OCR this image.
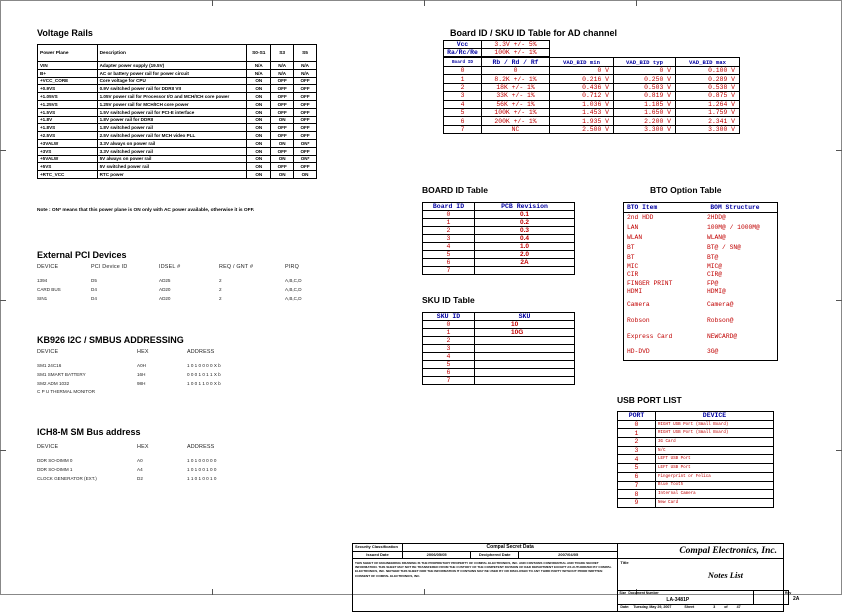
Voltage Rails
Power Plane	Description	S0-S1	S3	S5
VIN	Adapter power supply (19.5V)	N/A	N/A	N/A
B+	AC or battery power rail for power circuit	N/A	N/A	N/A
+VCC_CORE	Core voltage for CPU	ON	OFF	OFF
+0.9VS	0.9V switched power rail for DDRII VII	ON	OFF	OFF
+1.05VS	1.05V power rail for Processor I/O and MCH/ICH core power	ON	OFF	OFF
+1.25VS	1.25V power rail for MCH/ICH core power	ON	OFF	OFF
+1.5VS	1.5V switched power rail for PCI-E interface	ON	OFF	OFF
+1.8V	1.8V power rail for DDRII	ON	ON	OFF
+1.8VS	1.8V switched power rail	ON	OFF	OFF
+2.5VS	2.5V switched power rail for MCH video PLL	ON	OFF	OFF
+3VALW	3.3V always on power rail	ON	ON	ON*
+3VS	3.3V switched power rail	ON	OFF	OFF
+5VALW	5V always on power rail	ON	ON	ON*
+5VS	5V switched power rail	ON	OFF	OFF
+RTC_VCC	RTC power	ON	ON	ON
Note : ON* means that this power plane is ON only with AC power available, otherwise it is OFF.
External PCI Devices
DEVICE	PCI Device ID	IDSEL #	REQ / GNT #	PIRQ
1394	D5	AD25	2	A,B,C,D
CARD BUS	D4	AD20	2	A,B,C,D
SIN1	D4	AD20	2	A,B,C,D
KB926 I2C / SMBUS ADDRESSING
DEVICE	HEX	ADDRESS
SM1 24C16	A0H	1 0 1 0 0 0 0 X b
SM1 SMART BATTERY	16H	0 0 0 1 0 1 1 X b
SM2 ADM 1032	98H	1 0 0 1 1 0 0 X b
C P U THERMAL MONITOR
ICH8-M SM Bus address
DEVICE	HEX	ADDRESS
DDR SO-DIMM 0	A0	1 0 1 0 0 0 0 0
DDR SO-DIMM 1	A4	1 0 1 0 0 1 0 0
CLOCK GENERATOR (EXT.)	D2	1 1 0 1 0 0 1 0
Board ID / SKU ID Table for AD channel
Vcc	3.3V +/- 5%
Ra/Rc/Re	100K +/- 1%
Board ID	Rb / Rd / Rf	VAD_BID min	VAD_BID typ	VAD_BID max
0	0	0 V	0 V	0.100 V
1	8.2K +/- 1%	0.216 V	0.250 V	0.289 V
2	18K +/- 1%	0.436 V	0.503 V	0.538 V
3	33K +/- 1%	0.712 V	0.819 V	0.875 V
4	56K +/- 1%	1.036 V	1.185 V	1.264 V
5	100K +/- 1%	1.453 V	1.650 V	1.759 V
6	200K +/- 1%	1.935 V	2.200 V	2.341 V
7	NC	2.500 V	3.300 V	3.300 V
BOARD ID Table
Board ID	PCB Revision
0	0.1
1	0.2
2	0.3
3	0.4
4	1.0
5	2.0
6	2A
7	
SKU ID Table
SKU ID	SKU
0	10
1	10G
2	
3	
4	
5	
6	
7	
BTO Option Table
BTO Item	BOM Structure
2nd HDD	2HDD@
LAN	100M@ / 1000M@
WLAN	WLAN@
BT	BT@ / SN@
BT	BT@
MIC	MIC@
CIR	CIR@
FINGER PRINT	FP@
HDMI	HDMI@
Camera	Camera@
Robson	Robson@
Express Card	NEWCARD@
HD-DVD	3G@
USB PORT LIST
PORT	DEVICE
0	RIGHT USB Port (Small Board)
1	RIGHT USB Port (Small Board)
2	3G Card
3	N/C
4	LEFT USB Port
5	LEFT USB Port
6	Fingerprint or Felica
7	Blue Tooth
8	Internal Camera
9	New Card
Security Classification	Compal Secret Data			Compal Electronics, Inc.		
Issued Date	2006/05/05	Deciphered Date	2007/04/05			
THIS SHEET OF ENGINEERING DRAWING IS THE PROPRIETARY PROPERTY OF COMPAL ELECTRONICS, INC. AND CONTAINS CONFIDENTIAL AND TRADE SECRET INFORMATION. THIS SHEET MAY NOT BE TRANSFERED FROM THE CUSTODY OF THE COMPETENT DIVISION OF R&D DEPARTMENT EXCEPT AS AUTHORIZED BY COMPAL ELECTRONICS, INC. NEITHER THIS SHEET NOR THE INFORMATION IT CONTAINS MAY BE USED BY OR DISCLOSED TO ANY THIRD PARTY WITHOUT PRIOR WRITTEN CONSENT OF COMPAL ELECTRONICS, INC.				Title
Notes List		

				Size Document Number
LA-3481P		Rev
2A

				Date: Tuesday, May 29, 2007 Sheet 3 of 47		
